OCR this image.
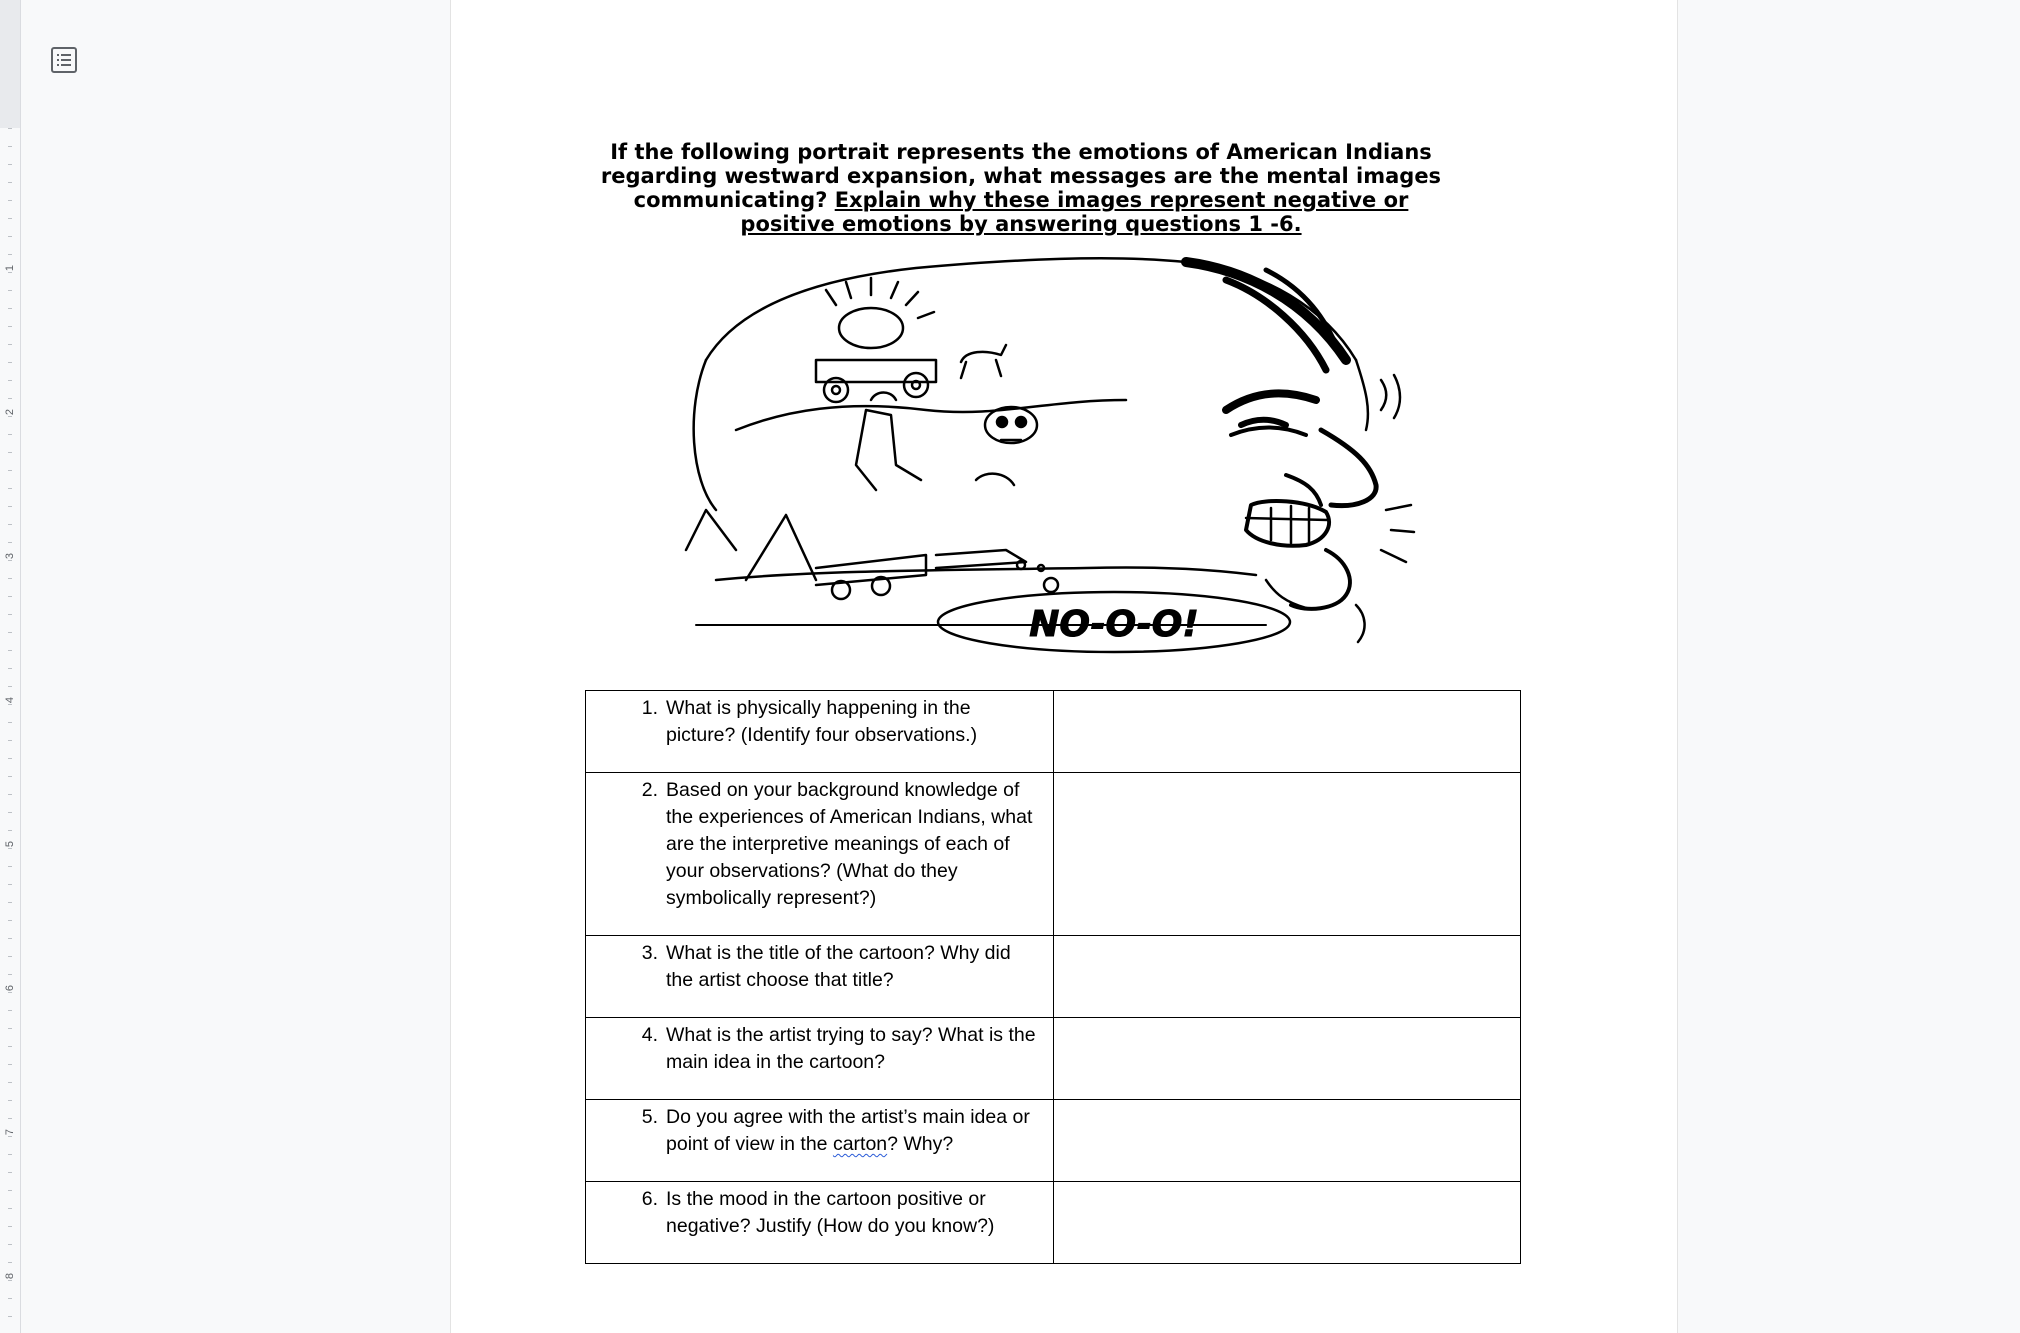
1
2
3
4
5
6
7
8
If the following portrait represents the emotions of American Indians regarding westward expansion, what messages are the mental images communicating? Explain why these images represent negative or positive emotions by answering questions 1 -6.
NO-O-O!
1. What is physically happening in the picture? (Identify four observations.)	

2. Based on your background knowledge of the experiences of American Indians, what are the interpretive meanings of each of your observations? (What do they symbolically represent?)	

3. What is the title of the cartoon? Why did the artist choose that title?	

4. What is the artist trying to say? What is the main idea in the cartoon?	

5. Do you agree with the artist’s main idea or point of view in the carton? Why?	

6. Is the mood in the cartoon positive or negative? Justify (How do you know?)	
